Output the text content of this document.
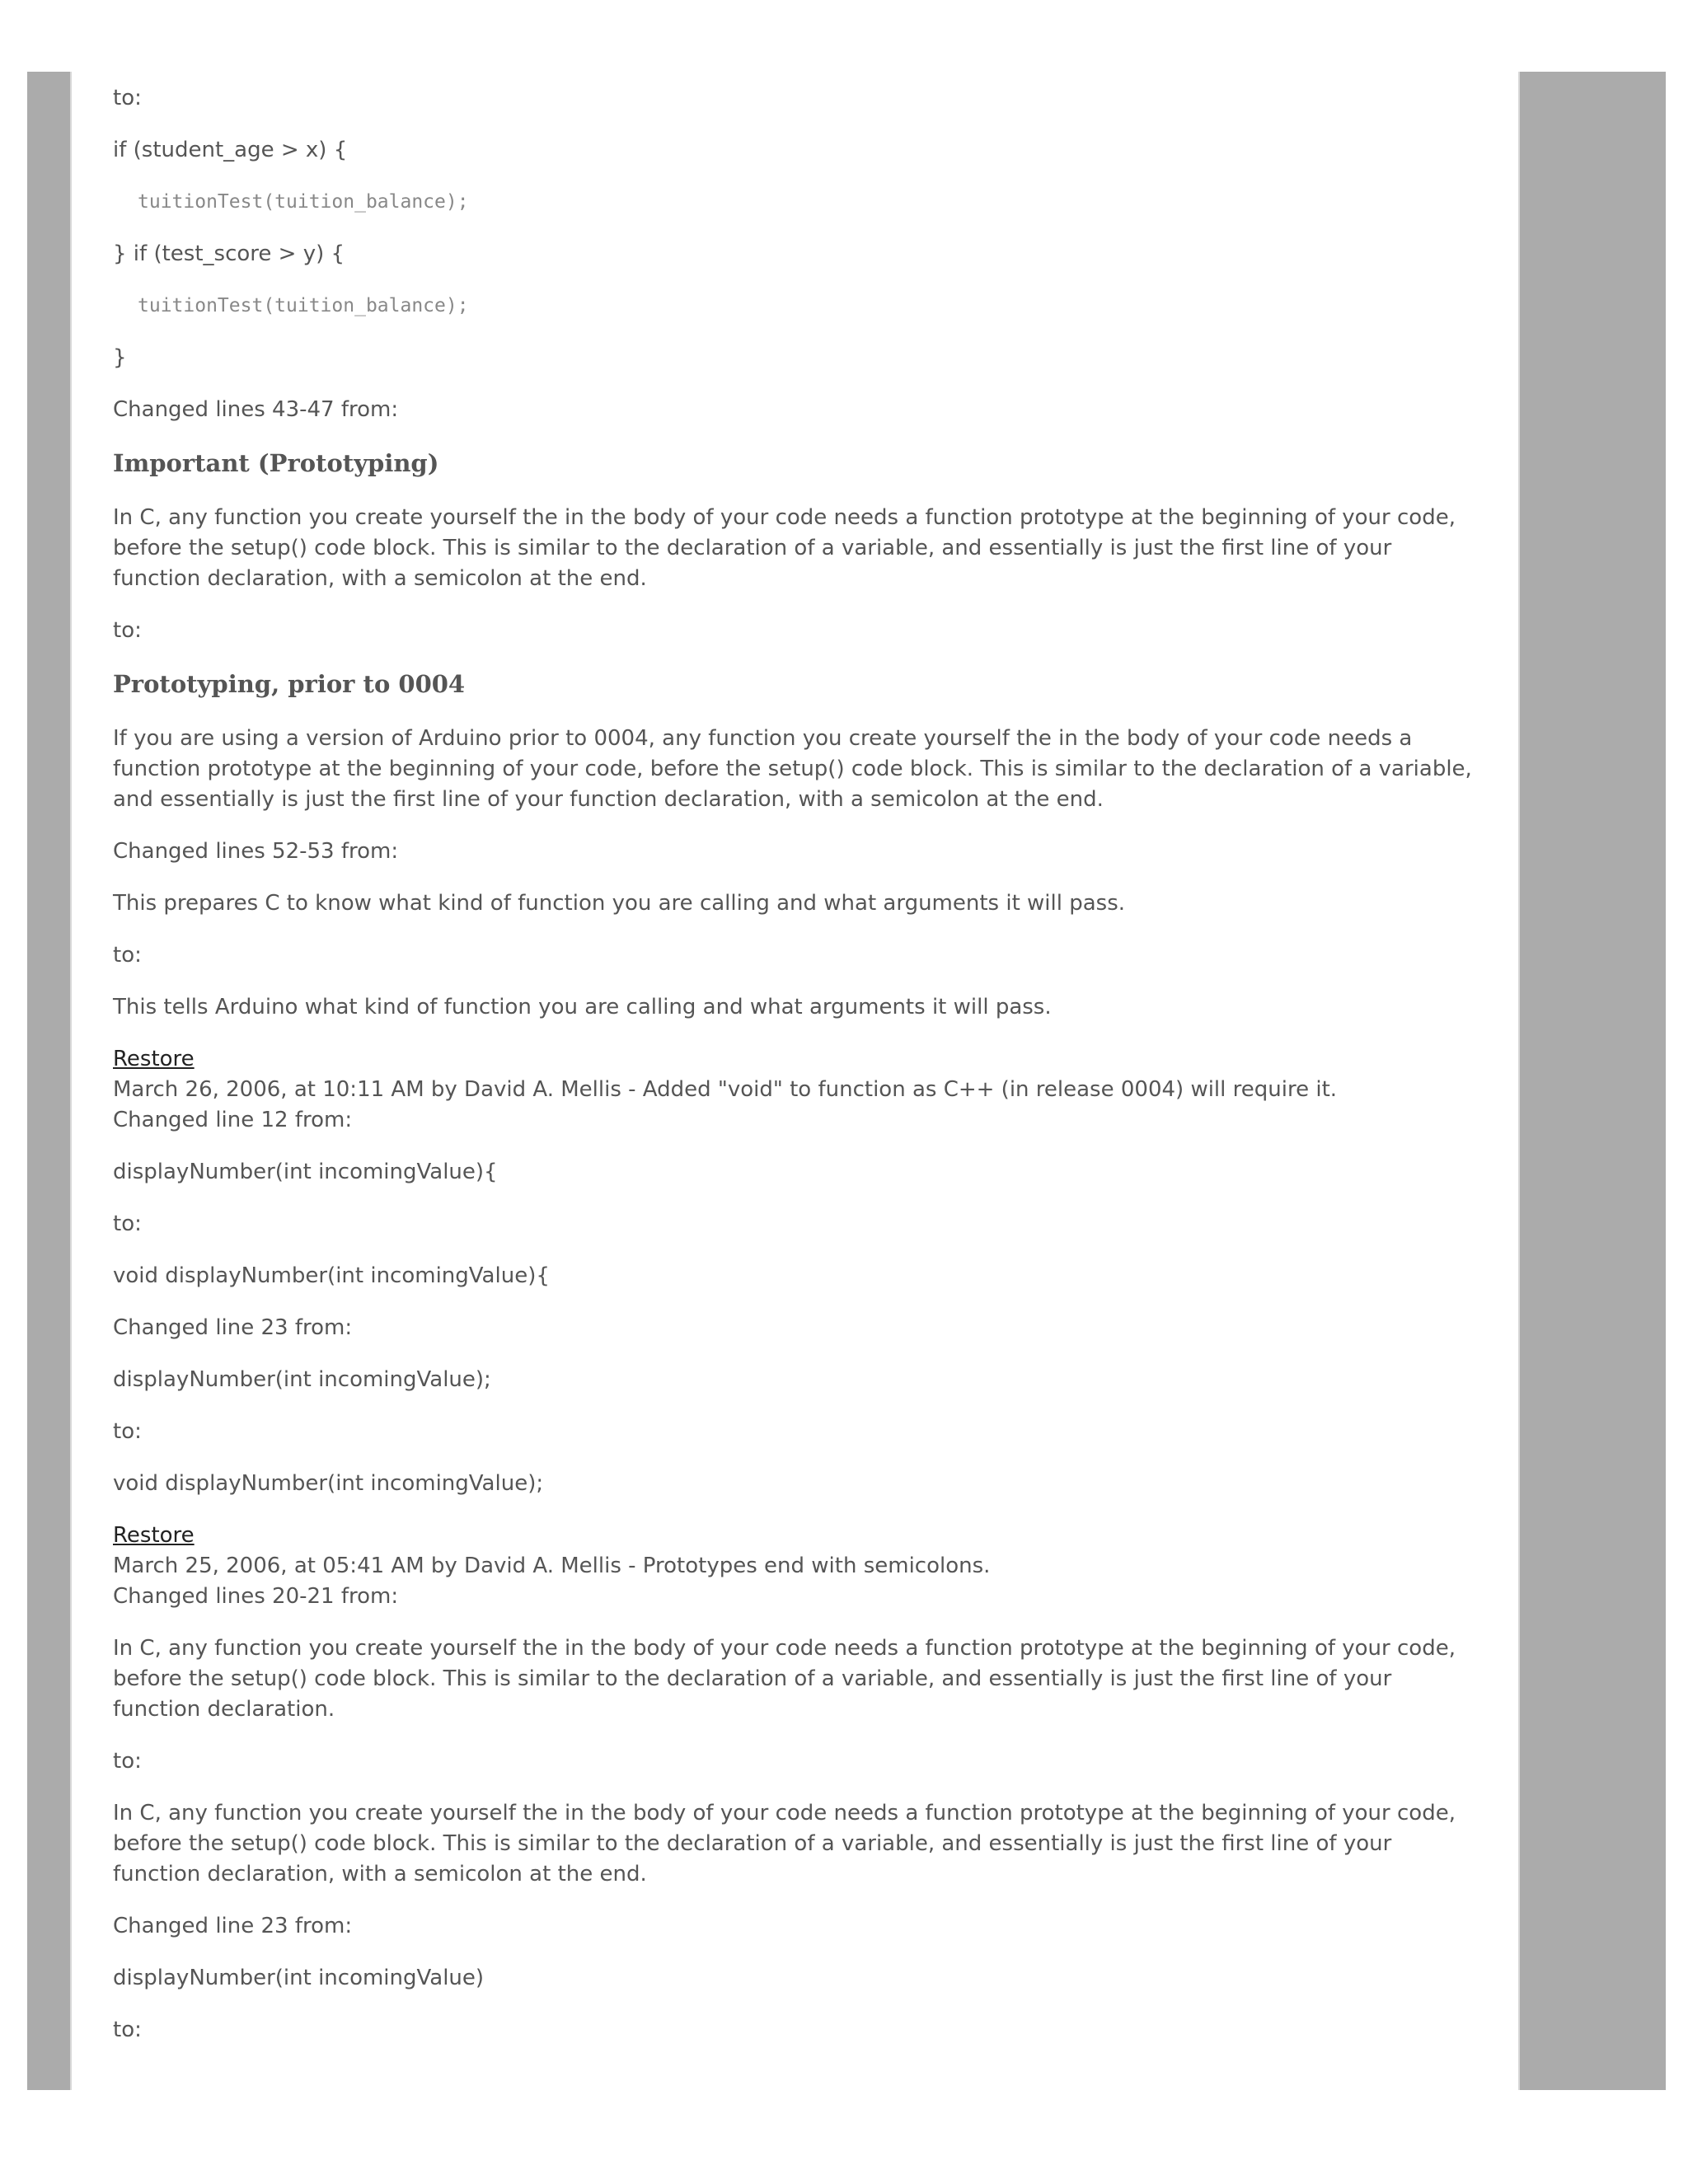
to:

if (student_age > x) {

tuitionTest(tuition_balance);

} if (test_score > y) {

tuitionTest(tuition_balance);

}

Changed lines 43-47 from:

Important (Prototyping)

In C, any function you create yourself the in the body of your code needs a function prototype at the beginning of your code, before the setup() code block. This is similar to the declaration of a variable, and essentially is just the first line of your function declaration, with a semicolon at the end.

to:

Prototyping, prior to 0004

If you are using a version of Arduino prior to 0004, any function you create yourself the in the body of your code needs a function prototype at the beginning of your code, before the setup() code block. This is similar to the declaration of a variable, and essentially is just the first line of your function declaration, with a semicolon at the end.

Changed lines 52-53 from:

This prepares C to know what kind of function you are calling and what arguments it will pass.

to:

This tells Arduino what kind of function you are calling and what arguments it will pass.

Restore
March 26, 2006, at 10:11 AM by David A. Mellis - Added "void" to function as C++ (in release 0004) will require it.
Changed line 12 from:

displayNumber(int incomingValue){

to:

void displayNumber(int incomingValue){

Changed line 23 from:

displayNumber(int incomingValue);

to:

void displayNumber(int incomingValue);

Restore
March 25, 2006, at 05:41 AM by David A. Mellis - Prototypes end with semicolons.
Changed lines 20-21 from:

In C, any function you create yourself the in the body of your code needs a function prototype at the beginning of your code, before the setup() code block. This is similar to the declaration of a variable, and essentially is just the first line of your function declaration.

to:

In C, any function you create yourself the in the body of your code needs a function prototype at the beginning of your code, before the setup() code block. This is similar to the declaration of a variable, and essentially is just the first line of your function declaration, with a semicolon at the end.

Changed line 23 from:

displayNumber(int incomingValue)

to:
